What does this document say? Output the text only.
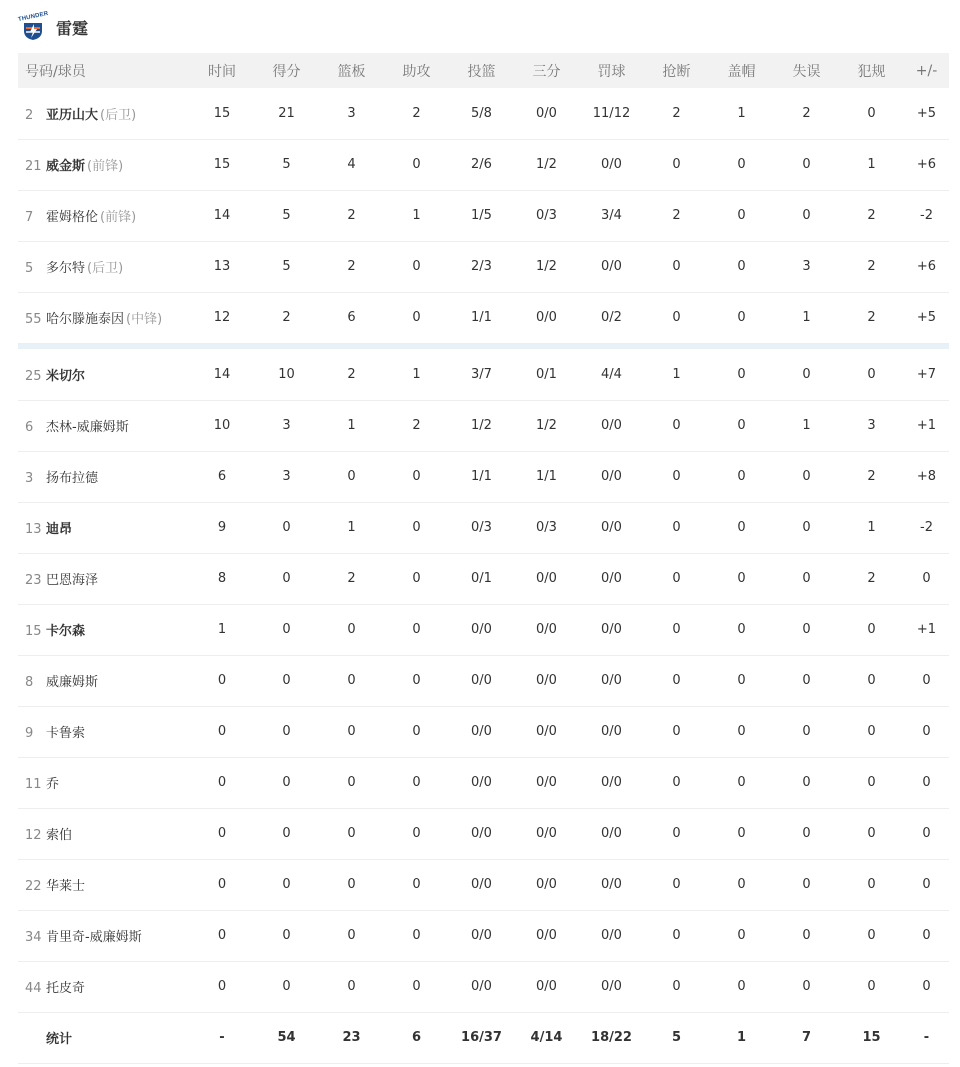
THUNDER
雷霆
号码/球员	时间	得分	篮板	助攻	投篮	三分	罚球	抢断	盖帽	失误	犯规	+/-
2 亚历山大 (后卫)	15	21	3	2	5/8	0/0	11/12	2	1	2	0	+5
21 威金斯 (前锋)	15	5	4	0	2/6	1/2	0/0	0	0	0	1	+6
7 霍姆格伦 (前锋)	14	5	2	1	1/5	0/3	3/4	2	0	0	2	-2
5 多尔特 (后卫)	13	5	2	0	2/3	1/2	0/0	0	0	3	2	+6
55 哈尔滕施泰因 (中锋)	12	2	6	0	1/1	0/0	0/2	0	0	1	2	+5

25 米切尔	14	10	2	1	3/7	0/1	4/4	1	0	0	0	+7
6 杰林-威廉姆斯	10	3	1	2	1/2	1/2	0/0	0	0	1	3	+1
3 扬布拉德	6	3	0	0	1/1	1/1	0/0	0	0	0	2	+8
13 迪昂	9	0	1	0	0/3	0/3	0/0	0	0	0	1	-2
23 巴恩海泽	8	0	2	0	0/1	0/0	0/0	0	0	0	2	0
15 卡尔森	1	0	0	0	0/0	0/0	0/0	0	0	0	0	+1
8 威廉姆斯	0	0	0	0	0/0	0/0	0/0	0	0	0	0	0
9 卡鲁索	0	0	0	0	0/0	0/0	0/0	0	0	0	0	0
11 乔	0	0	0	0	0/0	0/0	0/0	0	0	0	0	0
12 索伯	0	0	0	0	0/0	0/0	0/0	0	0	0	0	0
22 华莱士	0	0	0	0	0/0	0/0	0/0	0	0	0	0	0
34 肯里奇-威廉姆斯	0	0	0	0	0/0	0/0	0/0	0	0	0	0	0
44 托皮奇	0	0	0	0	0/0	0/0	0/0	0	0	0	0	0
统计	-	54	23	6	16/37	4/14	18/22	5	1	7	15	-
